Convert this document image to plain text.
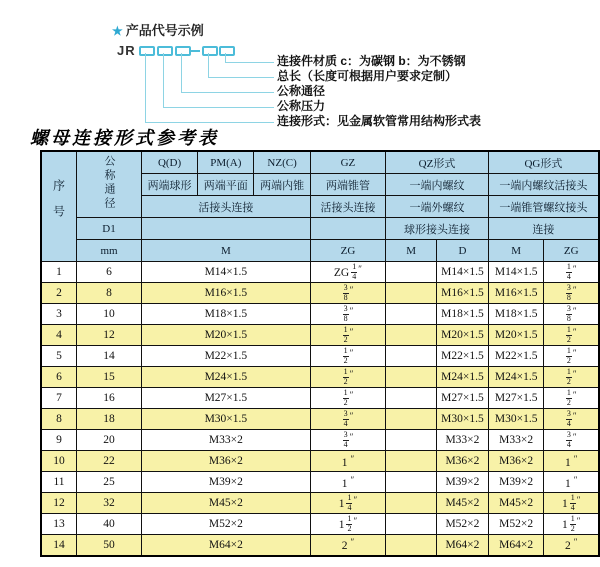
★ 产品代号示例
JR
连接件材质 c：为碳钢 b：为不锈钢
总长（长度可根据用户要求定制）
公称通径
公称压力
连接形式：见金属软管常用结构形式表
螺母连接形式参考表
序号	公称通径	Q(D)	PM(A)	NZ(C)	GZ	QZ形式		QG形式	
		两端球形	两端平面	两端内锥	两端锥管	一端内螺纹		一端内螺纹活接头	
		活接头连接			活接头连接	一端外螺纹		一端锥管螺纹接头	
	D1					球形接头连接		连接	
	mm	M			ZG	M	D	M	ZG
1	6	M14×1.5			ZG $\frac{1}{4} ''$		M14×1.5	M14×1.5	$\frac{1}{4} ''$
2	8	M16×1.5			$\frac{3}{8} ''$		M16×1.5	M16×1.5	$\frac{3}{8} ''$
3	10	M18×1.5			$\frac{3}{8} ''$		M18×1.5	M18×1.5	$\frac{3}{8} ''$
4	12	M20×1.5			$\frac{1}{2} ''$		M20×1.5	M20×1.5	$\frac{1}{2} ''$
5	14	M22×1.5			$\frac{1}{2} ''$		M22×1.5	M22×1.5	$\frac{1}{2} ''$
6	15	M24×1.5			$\frac{1}{2} ''$		M24×1.5	M24×1.5	$\frac{1}{2} ''$
7	16	M27×1.5			$\frac{1}{2} ''$		M27×1.5	M27×1.5	$\frac{1}{2} ''$
8	18	M30×1.5			$\frac{3}{4} ''$		M30×1.5	M30×1.5	$\frac{3}{4} ''$
9	20	M33×2			$\frac{3}{4} ''$		M33×2	M33×2	$\frac{3}{4} ''$
10	22	M36×2			1 ″		M36×2	M36×2	1 ″
11	25	M39×2			1 ″		M39×2	M39×2	1 ″
12	32	M45×2			$1 \frac{1}{4} ''$		M45×2	M45×2	$1 \frac{1}{4} ''$
13	40	M52×2			$1 \frac{1}{2} ''$		M52×2	M52×2	$1 \frac{1}{2} ''$
14	50	M64×2			2 ″		M64×2	M64×2	2 ″
